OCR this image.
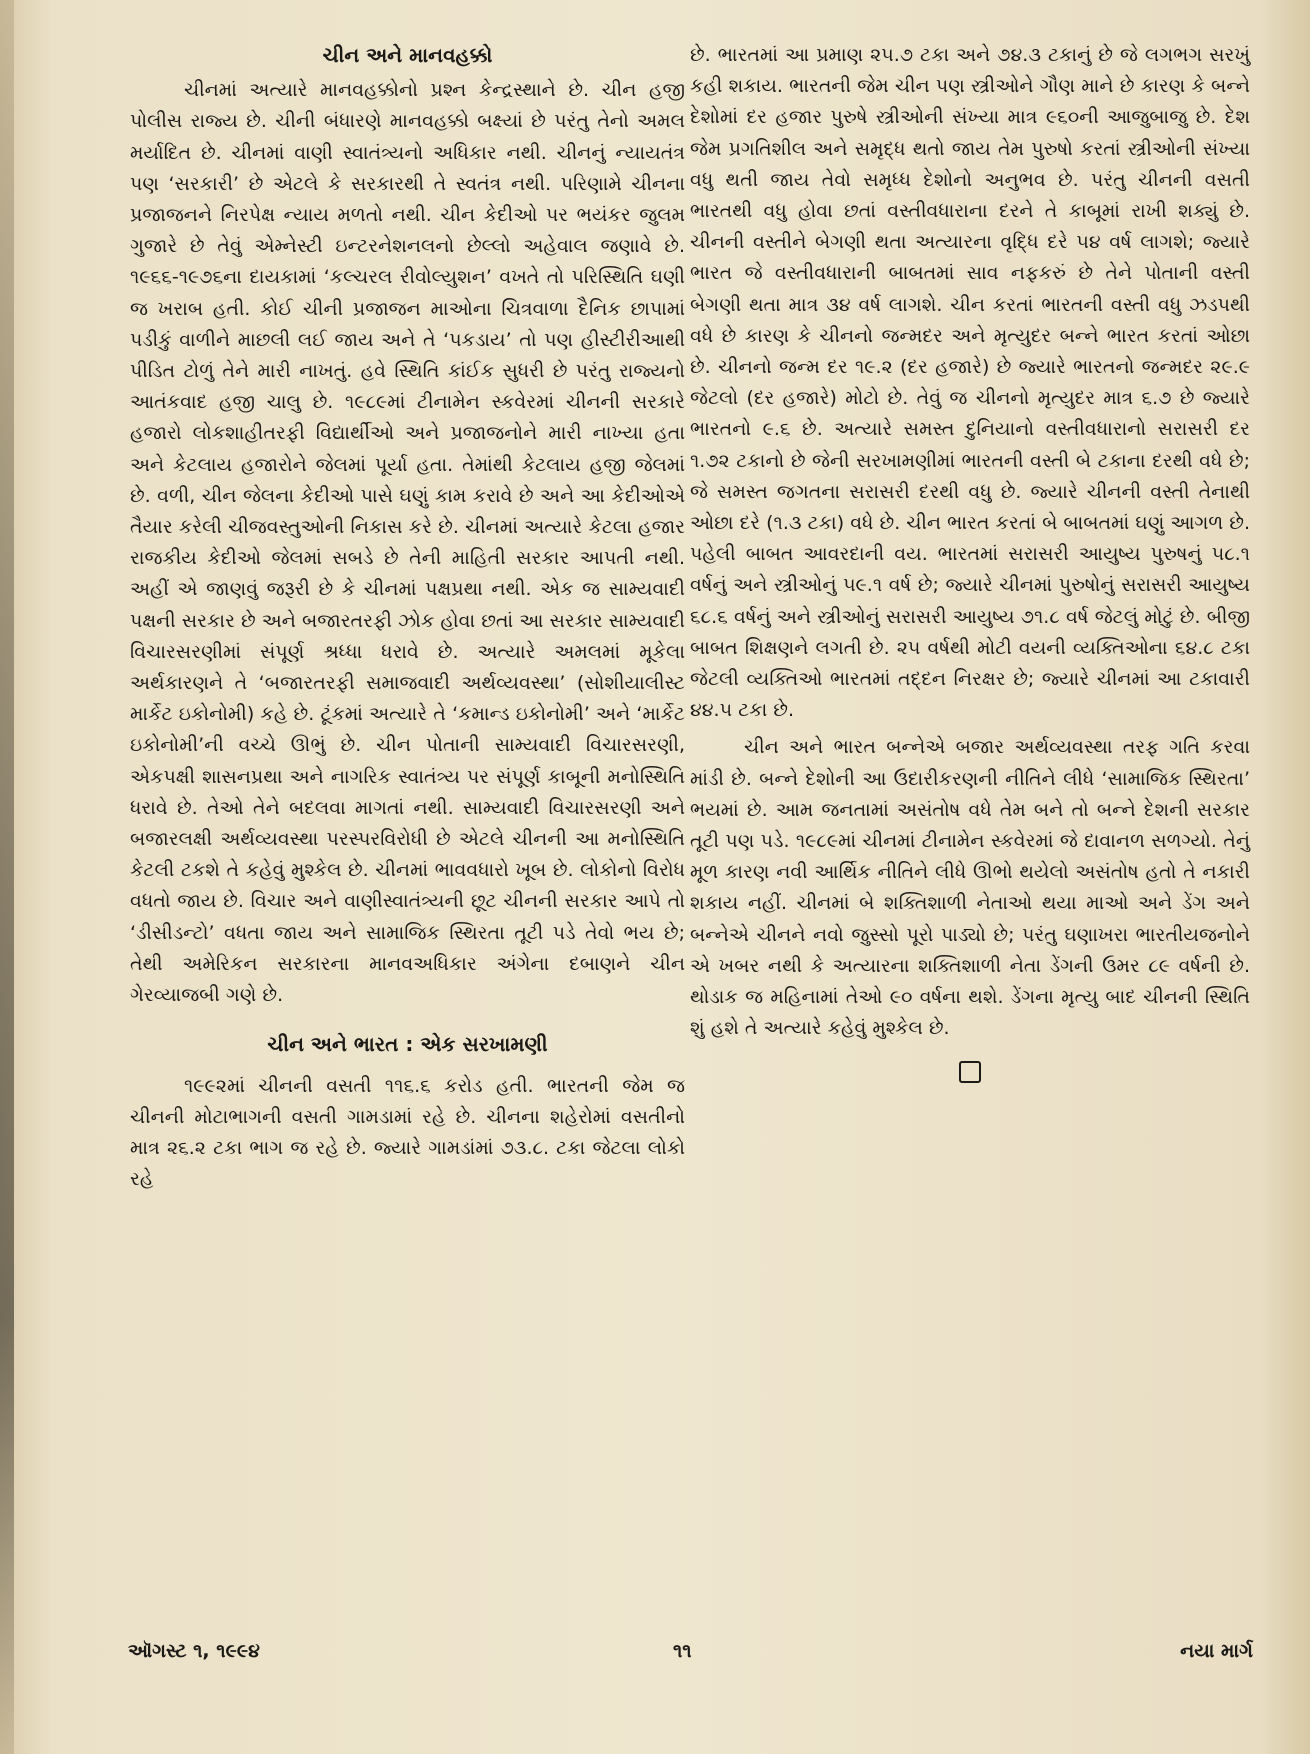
ચીન અને માનવહક્કો

ચીનમાં અત્યારે માનવહક્કોનો પ્રશ્ન કેન્દ્રસ્થાને છે. ચીન હજી પોલીસ રાજ્ય છે. ચીની બંધારણે માનવહક્કો બક્ષ્યાં છે પરંતુ તેનો અમલ મર્યાદિત છે. ચીનમાં વાણી સ્વાતંત્ર્યનો અધિકાર નથી. ચીનનું ન્યાયતંત્ર પણ ‘સરકારી’ છે એટલે કે સરકારથી તે સ્વતંત્ર નથી. પરિણામે ચીનના પ્રજાજનને નિરપેક્ષ ન્યાય મળતો નથી. ચીન કેદીઓ પર ભયંકર જુલમ ગુજારે છે તેવું એમ્નેસ્ટી ઇન્ટરનેશનલનો છેલ્લો અહેવાલ જણાવે છે. ૧૯૬૬-૧૯૭૬ના દાયકામાં ‘કલ્ચરલ રીવોલ્યુશન’ વખતે તો પરિસ્થિતિ ઘણી જ ખરાબ હતી. કોઈ ચીની પ્રજાજન માઓના ચિત્રવાળા દૈનિક છાપામાં પડીકું વાળીને માછલી લઈ જાય અને તે ‘પકડાય’ તો પણ હીસ્ટીરીઆથી પીડિત ટોળું તેને મારી નાખતું. હવે સ્થિતિ કાંઈક સુધરી છે પરંતુ રાજ્યનો આતંકવાદ હજી ચાલુ છે. ૧૯૮૯માં ટીનામેન સ્કવેરમાં ચીનની સરકારે હજારો લોકશાહીતરફી વિદ્યાર્થીઓ અને પ્રજાજનોને મારી નાખ્યા હતા અને કેટલાય હજારોને જેલમાં પૂર્યા હતા. તેમાંથી કેટલાય હજી જેલમાં છે. વળી, ચીન જેલના કેદીઓ પાસે ઘણું કામ કરાવે છે અને આ કેદીઓએ તૈયાર કરેલી ચીજવસ્તુઓની નિકાસ કરે છે. ચીનમાં અત્યારે કેટલા હજાર રાજકીય કેદીઓ જેલમાં સબડે છે તેની માહિતી સરકાર આપતી નથી. અહીં એ જાણવું જરૂરી છે કે ચીનમાં પક્ષપ્રથા નથી. એક જ સામ્યવાદી પક્ષની સરકાર છે અને બજારતરફી ઝોક હોવા છતાં આ સરકાર સામ્યવાદી વિચારસરણીમાં સંપૂર્ણ શ્રધ્ધા ધરાવે છે. અત્યારે અમલમાં મૂકેલા અર્થકારણને તે ‘બજારતરફી સમાજવાદી અર્થવ્યવસ્થા’ (સોશીયાલીસ્ટ માર્કેટ ઇકોનોમી) કહે છે. ટૂંકમાં અત્યારે તે ‘કમાન્ડ ઇકોનોમી’ અને ‘માર્કેટ ઇકોનોમી’ની વચ્ચે ઊભું છે. ચીન પોતાની સામ્યવાદી વિચારસરણી, એકપક્ષી શાસનપ્રથા અને નાગરિક સ્વાતંત્ર્ય પર સંપૂર્ણ કાબૂની મનોસ્થિતિ ધરાવે છે. તેઓ તેને બદલવા માગતાં નથી. સામ્યવાદી વિચારસરણી અને બજારલક્ષી અર્થવ્યવસ્થા પરસ્પરવિરોધી છે એટલે ચીનની આ મનોસ્થિતિ કેટલી ટકશે તે કહેવું મુશ્કેલ છે. ચીનમાં ભાવવધારો ખૂબ છે. લોકોનો વિરોધ વધતો જાય છે. વિચાર અને વાણીસ્વાતંત્ર્યની છૂટ ચીનની સરકાર આપે તો ‘ડીસીડન્ટો’ વધતા જાય અને સામાજિક સ્થિરતા તૂટી પડે તેવો ભય છે; તેથી અમેરિકન સરકારના માનવઅધિકાર અંગેના દબાણને ચીન ગેરવ્યાજબી ગણે છે.

ચીન અને ભારત : એક સરખામણી

૧૯૯૨માં ચીનની વસતી ૧૧૬.૬ કરોડ હતી. ભારતની જેમ જ ચીનની મોટાભાગની વસતી ગામડામાં રહે છે. ચીનના શહેરોમાં વસતીનો માત્ર ૨૬.૨ ટકા ભાગ જ રહે છે. જ્યારે ગામડાંમાં ૭૩.૮. ટકા જેટલા લોકો રહે

છે. ભારતમાં આ પ્રમાણ ૨૫.૭ ટકા અને ૭૪.૩ ટકાનું છે જે લગભગ સરખું કહી શકાય. ભારતની જેમ ચીન પણ સ્ત્રીઓને ગૌણ માને છે કારણ કે બન્ને દેશોમાં દર હજાર પુરુષે સ્ત્રીઓની સંખ્યા માત્ર ૯૬૦ની આજુબાજુ છે. દેશ જેમ પ્રગતિશીલ અને સમૃદ્ધ થતો જાય તેમ પુરુષો કરતાં સ્ત્રીઓની સંખ્યા વધુ થતી જાય તેવો સમૃધ્ધ દેશોનો અનુભવ છે. પરંતુ ચીનની વસતી ભારતથી વધુ હોવા છતાં વસ્તીવધારાના દરને તે કાબૂમાં રાખી શક્યું છે. ચીનની વસ્તીને બેગણી થતા અત્યારના વૃદ્ધિ દરે ૫૪ વર્ષ લાગશે; જ્યારે ભારત જે વસ્તીવધારાની બાબતમાં સાવ નફકરું છે તેને પોતાની વસ્તી બેગણી થતા માત્ર ૩૪ વર્ષ લાગશે. ચીન કરતાં ભારતની વસ્તી વધુ ઝડપથી વધે છે કારણ કે ચીનનો જન્મદર અને મૃત્યુદર બન્ને ભારત કરતાં ઓછા છે. ચીનનો જન્મ દર ૧૯.૨ (દર હજારે) છે જ્યારે ભારતનો જન્મદર ૨૯.૯ જેટલો (દર હજારે) મોટો છે. તેવું જ ચીનનો મૃત્યુદર માત્ર ૬.૭ છે જ્યારે ભારતનો ૯.૬ છે. અત્યારે સમસ્ત દુનિયાનો વસ્તીવધારાનો સરાસરી દર ૧.૭૨ ટકાનો છે જેની સરખામણીમાં ભારતની વસ્તી બે ટકાના દરથી વધે છે; જે સમસ્ત જગતના સરાસરી દરથી વધુ છે. જ્યારે ચીનની વસ્તી તેનાથી ઓછા દરે (૧.૩ ટકા) વધે છે. ચીન ભારત કરતાં બે બાબતમાં ઘણું આગળ છે. પહેલી બાબત આવરદાની વય. ભારતમાં સરાસરી આયુષ્ય પુરુષનું ૫૮.૧ વર્ષનું અને સ્ત્રીઓનું ૫૯.૧ વર્ષ છે; જ્યારે ચીનમાં પુરુષોનું સરાસરી આયુષ્ય ૬૮.૬ વર્ષનું અને સ્ત્રીઓનું સરાસરી આયુષ્ય ૭૧.૮ વર્ષ જેટલું મોટું છે. બીજી બાબત શિક્ષણને લગતી છે. ૨૫ વર્ષથી મોટી વયની વ્યક્તિઓના ૬૪.૮ ટકા જેટલી વ્યક્તિઓ ભારતમાં તદ્દન નિરક્ષર છે; જ્યારે ચીનમાં આ ટકાવારી ૪૪.૫ ટકા છે.

ચીન અને ભારત બન્નેએ બજાર અર્થવ્યવસ્થા તરફ ગતિ કરવા માંડી છે. બન્ને દેશોની આ ઉદારીકરણની નીતિને લીધે ‘સામાજિક સ્થિરતા’ ભયમાં છે. આમ જનતામાં અસંતોષ વધે તેમ બને તો બન્ને દેશની સરકાર તૂટી પણ પડે. ૧૯૮૯માં ચીનમાં ટીનામેન સ્કવેરમાં જે દાવાનળ સળગ્યો. તેનું મૂળ કારણ નવી આર્થિક નીતિને લીધે ઊભો થયેલો અસંતોષ હતો તે નકારી શકાય નહીં. ચીનમાં બે શક્તિશાળી નેતાઓ થયા માઓ અને ડેંગ અને બન્નેએ ચીનને નવો જુસ્સો પૂરો પાડ્યો છે; પરંતુ ઘણાખરા ભારતીયજનોને એ ખબર નથી કે અત્યારના શક્તિશાળી નેતા ડેંગની ઉમર ૮૯ વર્ષની છે. થોડાક જ મહિનામાં તેઓ ૯૦ વર્ષના થશે. ડેંગના મૃત્યુ બાદ ચીનની સ્થિતિ શું હશે તે અત્યારે કહેવું મુશ્કેલ છે.

ઑગસ્ટ ૧, ૧૯૯૪	૧૧	નયા માર્ગ
